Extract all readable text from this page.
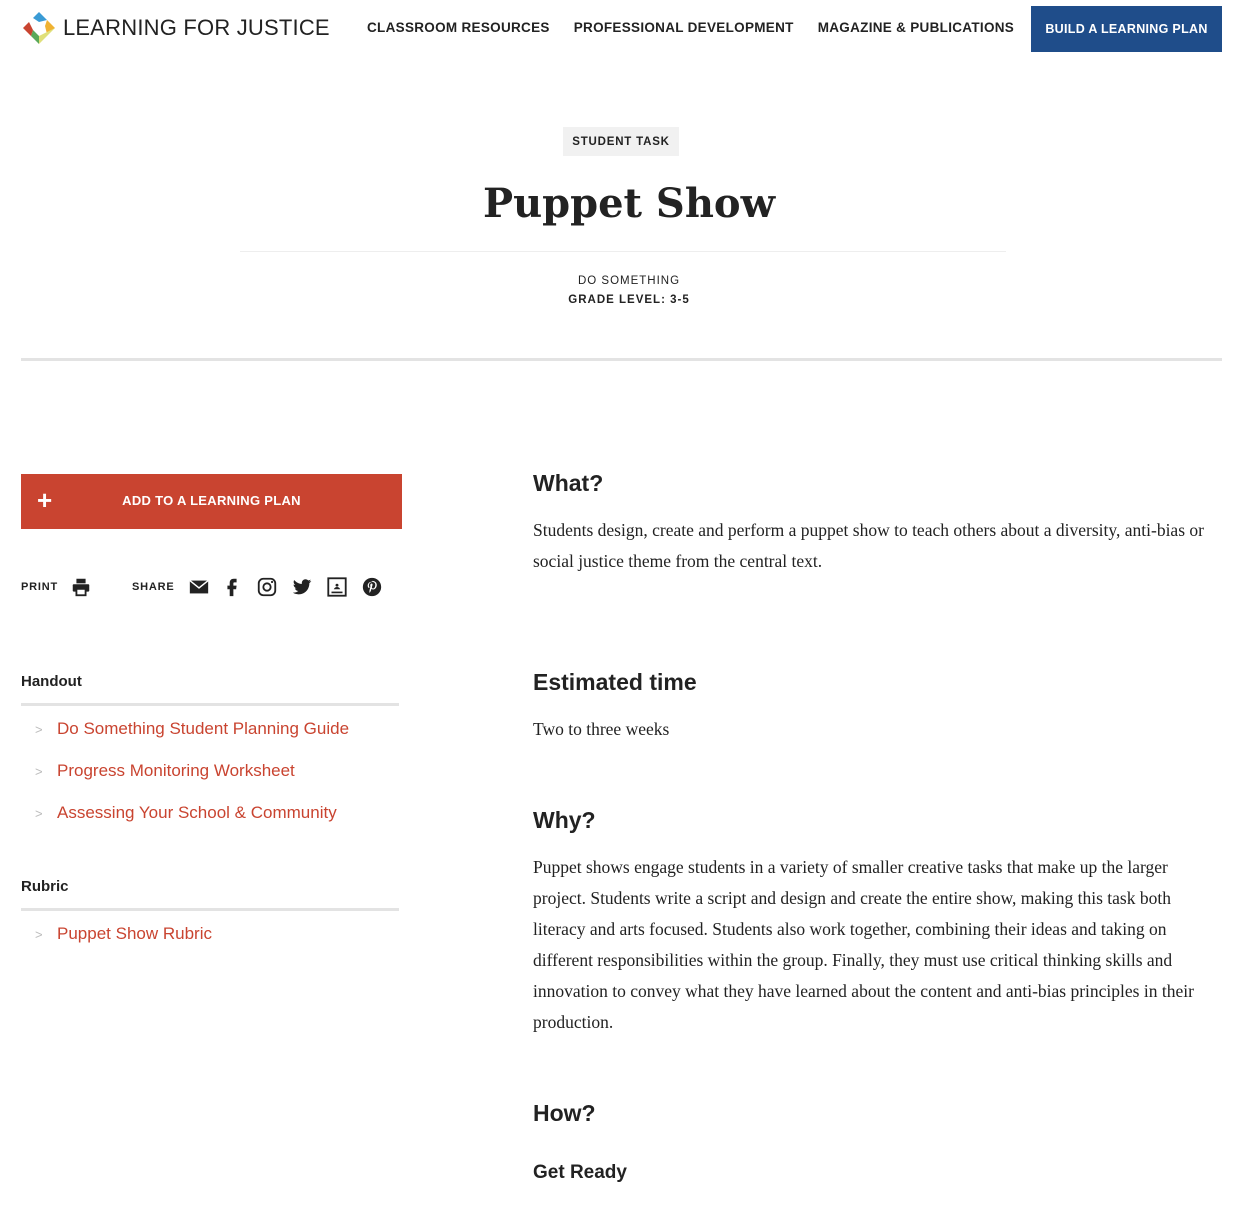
LEARNING FOR JUSTICE	CLASSROOM RESOURCES PROFESSIONAL DEVELOPMENT MAGAZINE & PUBLICATIONS	BUILD A LEARNING PLAN
STUDENT TASK
Puppet Show
DO SOMETHING
GRADE LEVEL: 3-5
+	ADD TO A LEARNING PLAN
PRINT	SHARE
Handout
> Do Something Student Planning Guide
> Progress Monitoring Worksheet
> Assessing Your School & Community
Rubric
> Puppet Show Rubric
What?

Students design, create and perform a puppet show to teach others about a diversity, anti-bias or social justice theme from the central text.

Estimated time

Two to three weeks

Why?

Puppet shows engage students in a variety of smaller creative tasks that make up the larger project. Students write a script and design and create the entire show, making this task both literacy and arts focused. Students also work together, combining their ideas and taking on different responsibilities within the group. Finally, they must use critical thinking skills and innovation to convey what they have learned about the content and anti-bias principles in their production.

How?
Get Ready
